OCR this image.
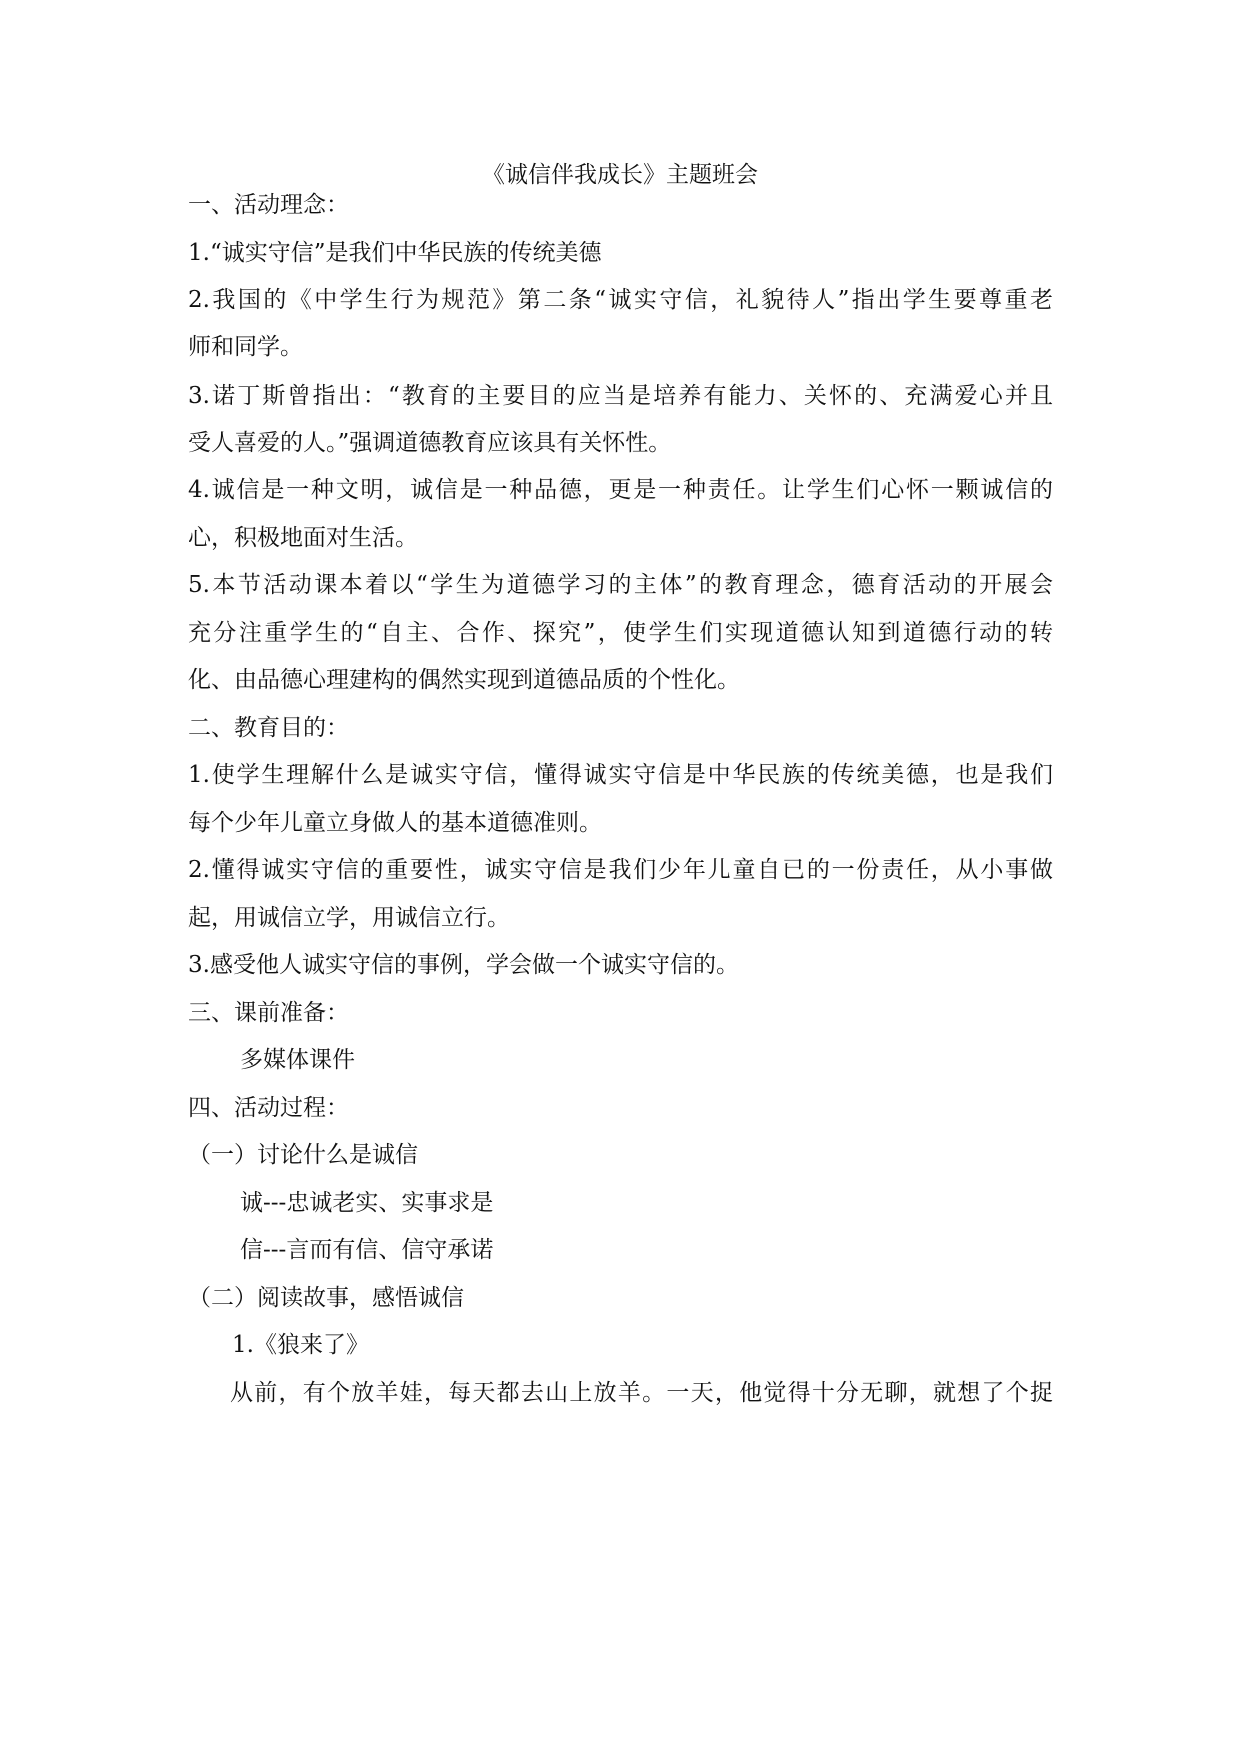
《诚信伴我成长》主题班会
一、活动理念：
1.“诚实守信”是我们中华民族的传统美德
2.我国的《中学生行为规范》第二条“诚实守信，礼貌待人”指出学生要尊重老
师和同学。
3.诺丁斯曾指出：“教育的主要目的应当是培养有能力、关怀的、充满爱心并且
受人喜爱的人。”强调道德教育应该具有关怀性。
4.诚信是一种文明，诚信是一种品德，更是一种责任。让学生们心怀一颗诚信的
心，积极地面对生活。
5.本节活动课本着以“学生为道德学习的主体”的教育理念，德育活动的开展会
充分注重学生的“自主、合作、探究”，使学生们实现道德认知到道德行动的转
化、由品德心理建构的偶然实现到道德品质的个性化。
二、教育目的：
1.使学生理解什么是诚实守信，懂得诚实守信是中华民族的传统美德，也是我们
每个少年儿童立身做人的基本道德准则。
2.懂得诚实守信的重要性，诚实守信是我们少年儿童自已的一份责任，从小事做
起，用诚信立学，用诚信立行。
3.感受他人诚实守信的事例，学会做一个诚实守信的。
三、课前准备：
多媒体课件
四、活动过程：
（一）讨论什么是诚信
诚---忠诚老实、实事求是
信---言而有信、信守承诺
（二）阅读故事，感悟诚信
1.《狼来了》
从前，有个放羊娃，每天都去山上放羊。一天，他觉得十分无聊，就想了个捉
